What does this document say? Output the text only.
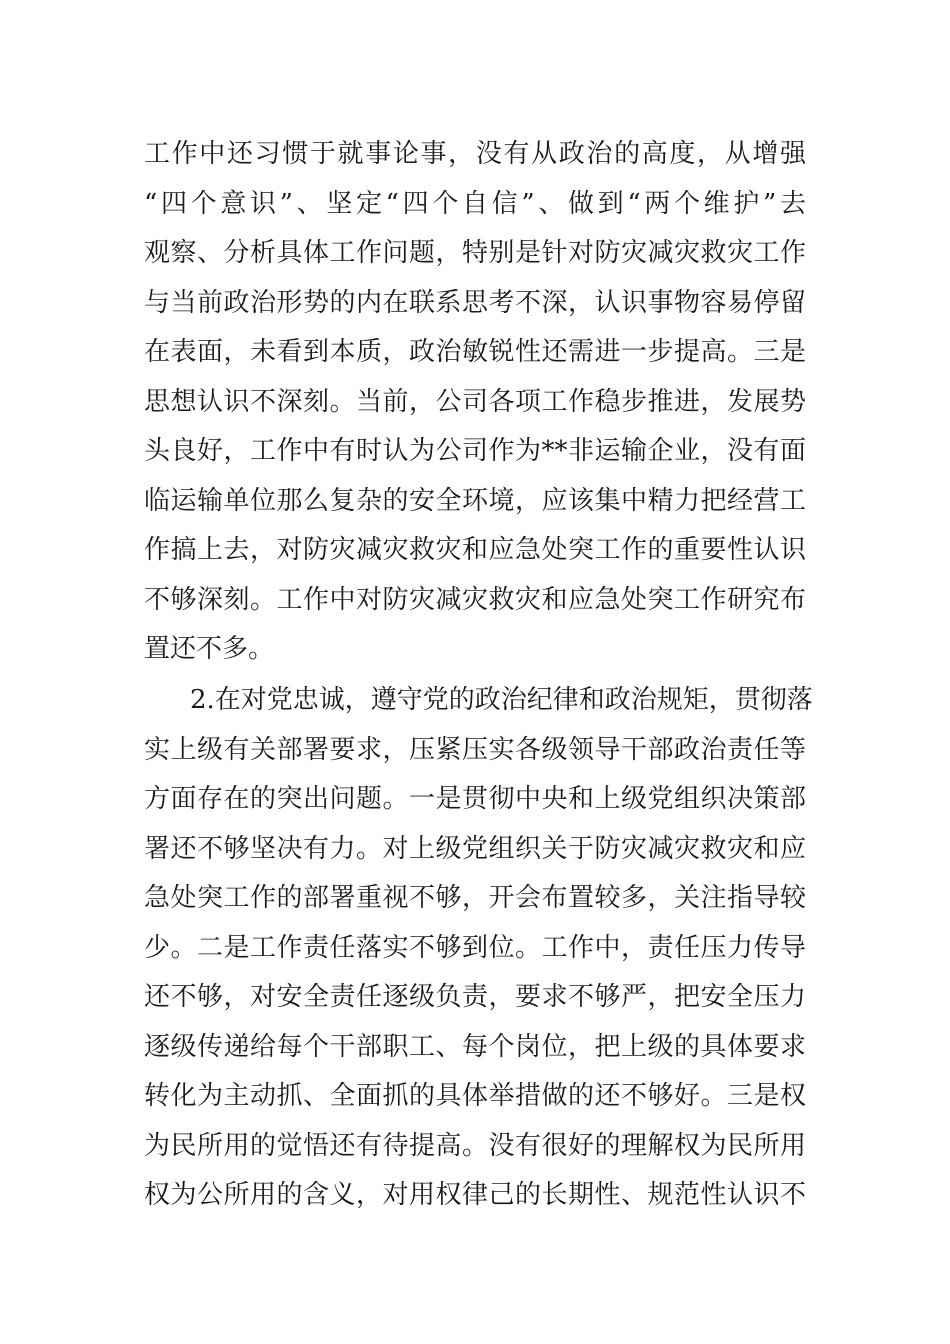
工作中还习惯于就事论事，没有从政治的高度，从增强
“四个意识”、坚定“四个自信”、做到“两个维护”去
观察、分析具体工作问题，特别是针对防灾减灾救灾工作
与当前政治形势的内在联系思考不深，认识事物容易停留
在表面，未看到本质，政治敏锐性还需进一步提高。三是
思想认识不深刻。当前，公司各项工作稳步推进，发展势
头良好，工作中有时认为公司作为**非运输企业，没有面
临运输单位那么复杂的安全环境，应该集中精力把经营工
作搞上去，对防灾减灾救灾和应急处突工作的重要性认识
不够深刻。工作中对防灾减灾救灾和应急处突工作研究布
置还不多。
2.在对党忠诚，遵守党的政治纪律和政治规矩，贯彻落
实上级有关部署要求，压紧压实各级领导干部政治责任等
方面存在的突出问题。一是贯彻中央和上级党组织决策部
署还不够坚决有力。对上级党组织关于防灾减灾救灾和应
急处突工作的部署重视不够，开会布置较多，关注指导较
少。二是工作责任落实不够到位。工作中，责任压力传导
还不够，对安全责任逐级负责，要求不够严，把安全压力
逐级传递给每个干部职工、每个岗位，把上级的具体要求
转化为主动抓、全面抓的具体举措做的还不够好。三是权
为民所用的觉悟还有待提高。没有很好的理解权为民所用
权为公所用的含义，对用权律己的长期性、规范性认识不
